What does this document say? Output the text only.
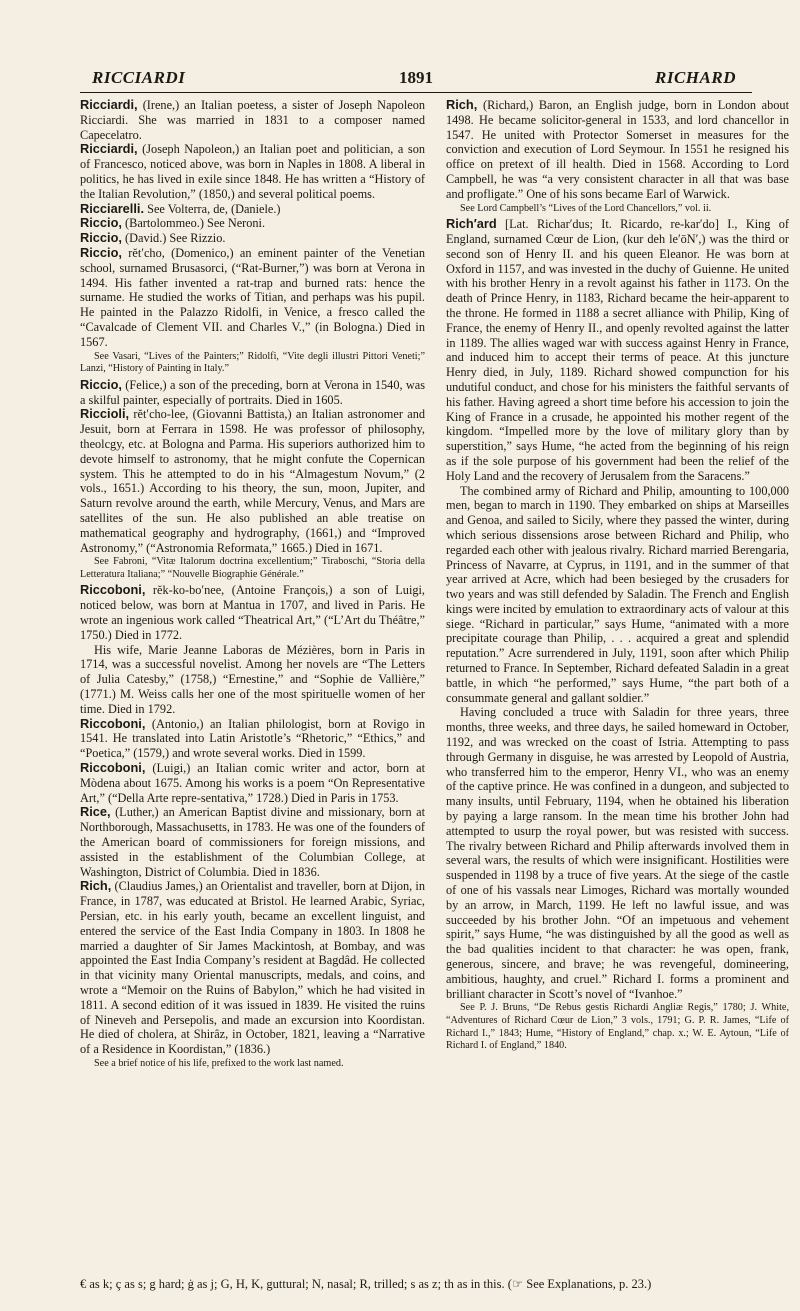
RICCIARDI	1891	RICHARD

Ricciardi, (Irene,) an Italian poetess, a sister of Joseph Napoleon Ricciardi. She was married in 1831 to a composer named Capecelatro.

Ricciardi, (Joseph Napoleon,) an Italian poet and politician, a son of Francesco, noticed above, was born in Naples in 1808. A liberal in politics, he has lived in exile since 1848. He has written a “History of the Italian Revolution,” (1850,) and several political poems.

Ricciarelli. See Volterra, de, (Daniele.)

Riccio, (Bartolommeo.) See Neroni.

Riccio, (David.) See Rizzio.

Riccio, rĕt′cho, (Domenico,) an eminent painter of the Venetian school, surnamed Brusasorci, (“Rat-Burner,”) was born at Verona in 1494. His father invented a rat-trap and burned rats: hence the surname. He studied the works of Titian, and perhaps was his pupil. He painted in the Palazzo Ridolfi, in Venice, a fresco called the “Cavalcade of Clement VII. and Charles V.,” (in Bologna.) Died in 1567.

See Vasari, “Lives of the Painters;” Ridolfi, “Vite degli illustri Pittori Veneti;” Lanzi, “History of Painting in Italy.”

Riccio, (Felice,) a son of the preceding, born at Verona in 1540, was a skilful painter, especially of portraits. Died in 1605.

Riccioli, rĕt′cho-lee, (Giovanni Battista,) an Italian astronomer and Jesuit, born at Ferrara in 1598. He was professor of philosophy, theolcgy, etc. at Bologna and Parma. His superiors authorized him to devote himself to astronomy, that he might confute the Copernican system. This he attempted to do in his “Almagestum Novum,” (2 vols., 1651.) According to his theory, the sun, moon, Jupiter, and Saturn revolve around the earth, while Mercury, Venus, and Mars are satellites of the sun. He also published an able treatise on mathematical geography and hydrography, (1661,) and “Improved Astronomy,” (“Astronomia Reformata,” 1665.) Died in 1671.

See Fabroni, “Vitæ Italorum doctrina excellentium;” Tiraboschi, “Storia della Letteratura Italiana;” “Nouvelle Biographie Générale.”

Riccoboni, rĕk-ko-bo′nee, (Antoine François,) a son of Luigi, noticed below, was born at Mantua in 1707, and lived in Paris. He wrote an ingenious work called “Theatrical Art,” (“L’Art du Théâtre,” 1750.) Died in 1772.

His wife, Marie Jeanne Laboras de Mézières, born in Paris in 1714, was a successful novelist. Among her novels are “The Letters of Julia Catesby,” (1758,) “Ernestine,” and “Sophie de Vallière,” (1771.) M. Weiss calls her one of the most spirituelle women of her time. Died in 1792.

Riccoboni, (Antonio,) an Italian philologist, born at Rovigo in 1541. He translated into Latin Aristotle’s “Rhetoric,” “Ethics,” and “Poetica,” (1579,) and wrote several works. Died in 1599.

Riccoboni, (Luigi,) an Italian comic writer and actor, born at Mòdena about 1675. Among his works is a poem “On Representative Art,” (“Della Arte repre-sentativa,” 1728.) Died in Paris in 1753.

Rice, (Luther,) an American Baptist divine and missionary, born at Northborough, Massachusetts, in 1783. He was one of the founders of the American board of commissioners for foreign missions, and assisted in the establishment of the Columbian College, at Washington, District of Columbia. Died in 1836.

Rich, (Claudius James,) an Orientalist and traveller, born at Dijon, in France, in 1787, was educated at Bristol. He learned Arabic, Syriac, Persian, etc. in his early youth, became an excellent linguist, and entered the service of the East India Company in 1803. In 1808 he married a daughter of Sir James Mackintosh, at Bombay, and was appointed the East India Company’s resident at Bagdâd. He collected in that vicinity many Oriental manuscripts, medals, and coins, and wrote a “Memoir on the Ruins of Babylon,” which he had visited in 1811. A second edition of it was issued in 1839. He visited the ruins of Nineveh and Persepolis, and made an excursion into Koordistan. He died of cholera, at Shirâz, in October, 1821, leaving a “Narrative of a Residence in Koordistan,” (1836.)

See a brief notice of his life, prefixed to the work last named.

Rich, (Richard,) Baron, an English judge, born in London about 1498. He became solicitor-general in 1533, and lord chancellor in 1547. He united with Protector Somerset in measures for the conviction and execution of Lord Seymour. In 1551 he resigned his office on pretext of ill health. Died in 1568. According to Lord Campbell, he was “a very consistent character in all that was base and profligate.” One of his sons became Earl of Warwick.

See Lord Campbell’s “Lives of the Lord Chancellors,” vol. ii.

Rich′ard [Lat. Richar′dus; It. Ricardo, re-kar′do] I., King of England, surnamed Cœur de Lion, (kur deh le′ōN′,) was the third or second son of Henry II. and his queen Eleanor. He was born at Oxford in 1157, and was invested in the duchy of Guienne. He united with his brother Henry in a revolt against his father in 1173. On the death of Prince Henry, in 1183, Richard became the heir-apparent to the throne. He formed in 1188 a secret alliance with Philip, King of France, the enemy of Henry II., and openly revolted against the latter in 1189. The allies waged war with success against Henry in France, and induced him to accept their terms of peace. At this juncture Henry died, in July, 1189. Richard showed compunction for his undutiful conduct, and chose for his ministers the faithful servants of his father. Having agreed a short time before his accession to join the King of France in a crusade, he appointed his mother regent of the kingdom. “Impelled more by the love of military glory than by superstition,” says Hume, “he acted from the beginning of his reign as if the sole purpose of his government had been the relief of the Holy Land and the recovery of Jerusalem from the Saracens.”

The combined army of Richard and Philip, amounting to 100,000 men, began to march in 1190. They embarked on ships at Marseilles and Genoa, and sailed to Sicily, where they passed the winter, during which serious dissensions arose between Richard and Philip, who regarded each other with jealous rivalry. Richard married Berengaria, Princess of Navarre, at Cyprus, in 1191, and in the summer of that year arrived at Acre, which had been besieged by the crusaders for two years and was still defended by Saladin. The French and English kings were incited by emulation to extraordinary acts of valour at this siege. “Richard in particular,” says Hume, “animated with a more precipitate courage than Philip, . . . acquired a great and splendid reputation.” Acre surrendered in July, 1191, soon after which Philip returned to France. In September, Richard defeated Saladin in a great battle, in which “he performed,” says Hume, “the part both of a consummate general and gallant soldier.”

Having concluded a truce with Saladin for three years, three months, three weeks, and three days, he sailed homeward in October, 1192, and was wrecked on the coast of Istria. Attempting to pass through Germany in disguise, he was arrested by Leopold of Austria, who transferred him to the emperor, Henry VI., who was an enemy of the captive prince. He was confined in a dungeon, and subjected to many insults, until February, 1194, when he obtained his liberation by paying a large ransom. In the mean time his brother John had attempted to usurp the royal power, but was resisted with success. The rivalry between Richard and Philip afterwards involved them in several wars, the results of which were insignificant. Hostilities were suspended in 1198 by a truce of five years. At the siege of the castle of one of his vassals near Limoges, Richard was mortally wounded by an arrow, in March, 1199. He left no lawful issue, and was succeeded by his brother John. “Of an impetuous and vehement spirit,” says Hume, “he was distinguished by all the good as well as the bad qualities incident to that character: he was open, frank, generous, sincere, and brave; he was revengeful, domineering, ambitious, haughty, and cruel.” Richard I. forms a prominent and brilliant character in Scott’s novel of “Ivanhoe.”

See P. J. Bruns, “De Rebus gestis Richardi Angliæ Regis,” 1780; J. White, “Adventures of Richard Cœur de Lion,” 3 vols., 1791; G. P. R. James, “Life of Richard I.,” 1843; Hume, “History of England,” chap. x.; W. E. Aytoun, “Life of Richard I. of England,” 1840.

€ as k; ç as s; g hard; ġ as j; G, H, K, guttural; N, nasal; R, trilled; s as z; th as in this. (☞ See Explanations, p. 23.)
